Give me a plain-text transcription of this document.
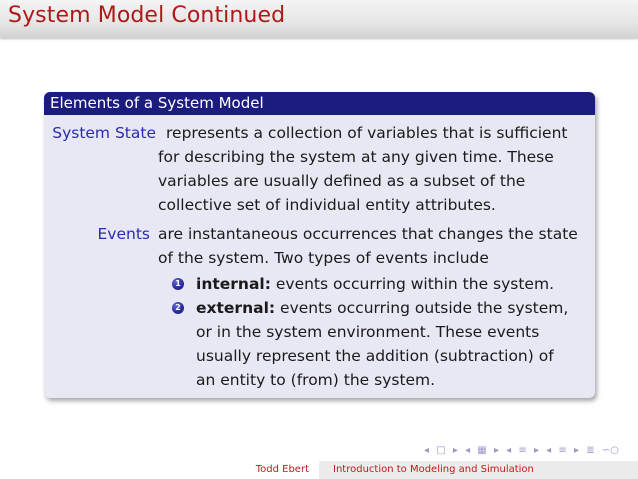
System Model Continued
Elements of a System Model
System State represents a collection of variables that is sufficient
for describing the system at any given time. These
variables are usually defined as a subset of the
collective set of individual entity attributes.
Events are instantaneous occurrences that changes the state
of the system. Two types of events include
1 internal: events occurring within the system.
2 external: events occurring outside the system,
or in the system environment. These events
usually represent the addition (subtraction) of
an entity to (from) the system.
◂ □ ▸ ◂ ▦ ▸ ◂ ≡ ▸ ◂ ≡ ▸ ≣ ∽○
Todd Ebert	Introduction to Modeling and Simulation
